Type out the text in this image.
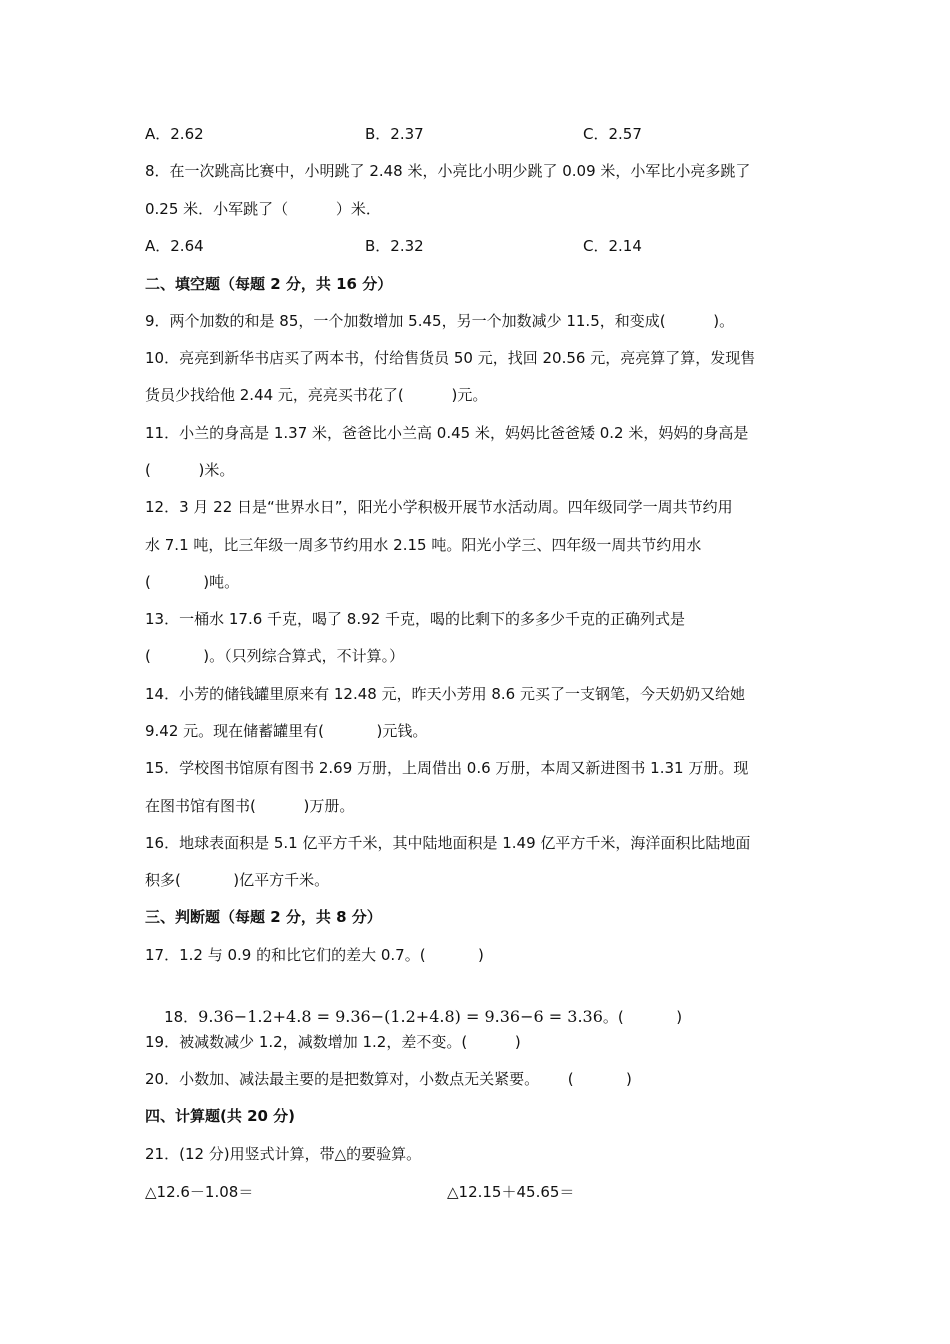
A．2.62	B．2.37	C．2.57
8．在一次跳高比赛中，小明跳了 2.48 米，小亮比小明少跳了 0.09 米，小军比小亮多跳了
0.25 米．小军跳了（          ）米．
A．2.64	B．2.32	C．2.14
二、填空题（每题 2 分，共 16 分）
9．两个加数的和是 85，一个加数增加 5.45，另一个加数减少 11.5，和变成(          )。
10．亮亮到新华书店买了两本书，付给售货员 50 元，找回 20.56 元，亮亮算了算，发现售
货员少找给他 2.44 元，亮亮买书花了(          )元。
11．小兰的身高是 1.37 米，爸爸比小兰高 0.45 米，妈妈比爸爸矮 0.2 米，妈妈的身高是
(          )米。
12．3 月 22 日是“世界水日”，阳光小学积极开展节水活动周。四年级同学一周共节约用
水 7.1 吨，比三年级一周多节约用水 2.15 吨。阳光小学三、四年级一周共节约用水
(           )吨。
13．一桶水 17.6 千克，喝了 8.92 千克，喝的比剩下的多多少千克的正确列式是
(           )。（只列综合算式，不计算。）
14．小芳的储钱罐里原来有 12.48 元，昨天小芳用 8.6 元买了一支钢笔，今天奶奶又给她
9.42 元。现在储蓄罐里有(           )元钱。
15．学校图书馆原有图书 2.69 万册，上周借出 0.6 万册，本周又新进图书 1.31 万册。现
在图书馆有图书(          )万册。
16．地球表面积是 5.1 亿平方千米，其中陆地面积是 1.49 亿平方千米，海洋面积比陆地面
积多(           )亿平方千米。
三、判断题（每题 2 分，共 8 分）
17．1.2 与 0.9 的和比它们的差大 0.7。(           )

18．9.36−1.2+4.8 = 9.36−(1.2+4.8) = 9.36−6 = 3.36。(           )

19．被减数减少 1.2，减数增加 1.2，差不变。(          )
20．小数加、减法最主要的是把数算对，小数点无关紧要。      (           )
四、计算题(共 20 分)
21．(12 分)用竖式计算，带△的要验算。
△12.6－1.08＝	△12.15＋45.65＝
